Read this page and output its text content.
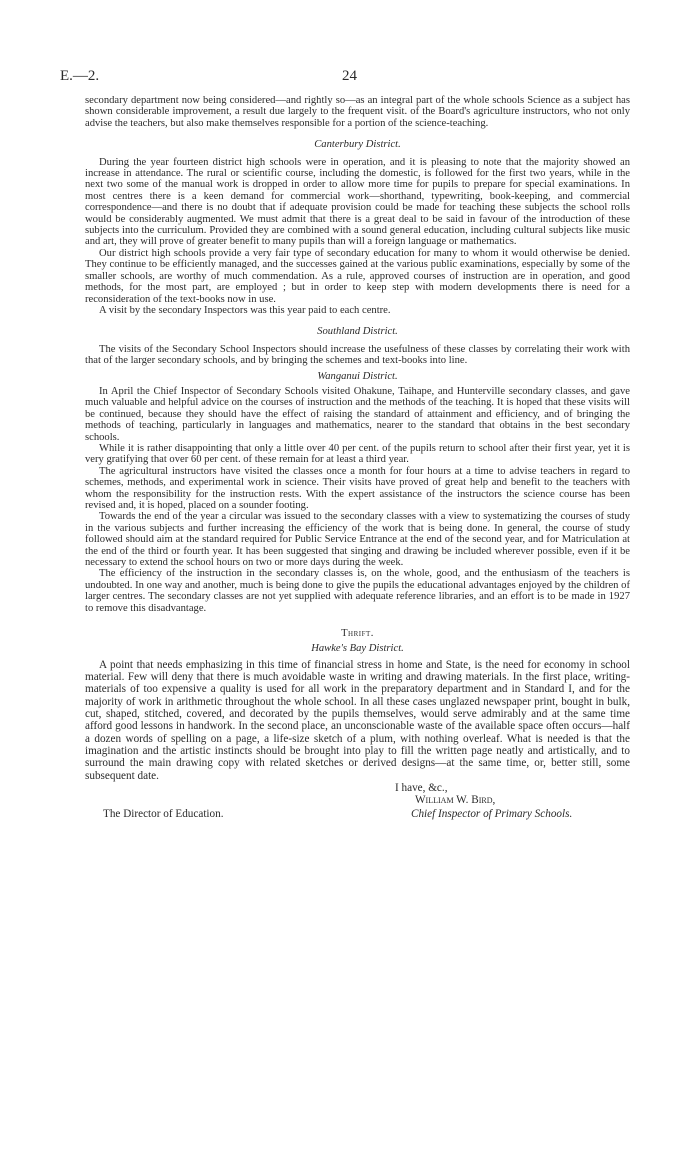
E.—2.	24

secondary department now being considered—and rightly so—as an integral part of the whole schools Science as a subject has shown considerable improvement, a result due largely to the frequent visit. of the Board's agriculture instructors, who not only advise the teachers, but also make themselves responsible for a portion of the science-teaching.

Canterbury District.

During the year fourteen district high schools were in operation, and it is pleasing to note that the majority showed an increase in attendance. The rural or scientific course, including the domestic, is followed for the first two years, while in the next two some of the manual work is dropped in order to allow more time for pupils to prepare for special examinations. In most centres there is a keen demand for commercial work—shorthand, typewriting, book-keeping, and commercial correspondence—and there is no doubt that if adequate provision could be made for teaching these subjects the school rolls would be considerably augmented. We must admit that there is a great deal to be said in favour of the introduction of these subjects into the curriculum. Provided they are combined with a sound general education, including cultural subjects like music and art, they will prove of greater benefit to many pupils than will a foreign language or mathematics.

Our district high schools provide a very fair type of secondary education for many to whom it would otherwise be denied. They continue to be efficiently managed, and the successes gained at the various public examinations, especially by some of the smaller schools, are worthy of much commendation. As a rule, approved courses of instruction are in operation, and good methods, for the most part, are employed ; but in order to keep step with modern developments there is need for a reconsideration of the text-books now in use.

A visit by the secondary Inspectors was this year paid to each centre.

Southland District.

The visits of the Secondary School Inspectors should increase the usefulness of these classes by correlating their work with that of the larger secondary schools, and by bringing the schemes and text-books into line.

Wanganui District.

In April the Chief Inspector of Secondary Schools visited Ohakune, Taihape, and Hunterville secondary classes, and gave much valuable and helpful advice on the courses of instruction and the methods of the teaching. It is hoped that these visits will be continued, because they should have the effect of raising the standard of attainment and efficiency, and of bringing the methods of teaching, particularly in languages and mathematics, nearer to the standard that obtains in the best secondary schools.

While it is rather disappointing that only a little over 40 per cent. of the pupils return to school after their first year, yet it is very gratifying that over 60 per cent. of these remain for at least a third year.

The agricultural instructors have visited the classes once a month for four hours at a time to advise teachers in regard to schemes, methods, and experimental work in science. Their visits have proved of great help and benefit to the teachers with whom the responsibility for the instruction rests. With the expert assistance of the instructors the science course has been revised and, it is hoped, placed on a sounder footing.

Towards the end of the year a circular was issued to the secondary classes with a view to systematizing the courses of study in the various subjects and further increasing the efficiency of the work that is being done. In general, the course of study followed should aim at the standard required for Public Service Entrance at the end of the second year, and for Matriculation at the end of the third or fourth year. It has been suggested that singing and drawing be included wherever possible, even if it be necessary to extend the school hours on two or more days during the week.

The efficiency of the instruction in the secondary classes is, on the whole, good, and the enthusiasm of the teachers is undoubted. In one way and another, much is being done to give the pupils the educational advantages enjoyed by the children of larger centres. The secondary classes are not yet supplied with adequate reference libraries, and an effort is to be made in 1927 to remove this disadvantage.

Thrift.
Hawke's Bay District.

A point that needs emphasizing in this time of financial stress in home and State, is the need for economy in school material. Few will deny that there is much avoidable waste in writing and drawing materials. In the first place, writing-materials of too expensive a quality is used for all work in the preparatory department and in Standard I, and for the majority of work in arithmetic throughout the whole school. In all these cases unglazed newspaper print, bought in bulk, cut, shaped, stitched, covered, and decorated by the pupils themselves, would serve admirably and at the same time afford good lessons in handwork. In the second place, an unconscionable waste of the available space often occurs—half a dozen words of spelling on a page, a life-size sketch of a plum, with nothing overleaf. What is needed is that the imagination and the artistic instincts should be brought into play to fill the written page neatly and artistically, and to surround the main drawing copy with related sketches or derived designs—at the same time, or, better still, some subsequent date.

I have, &c.,
William W. Bird,
The Director of Education.	Chief Inspector of Primary Schools.
